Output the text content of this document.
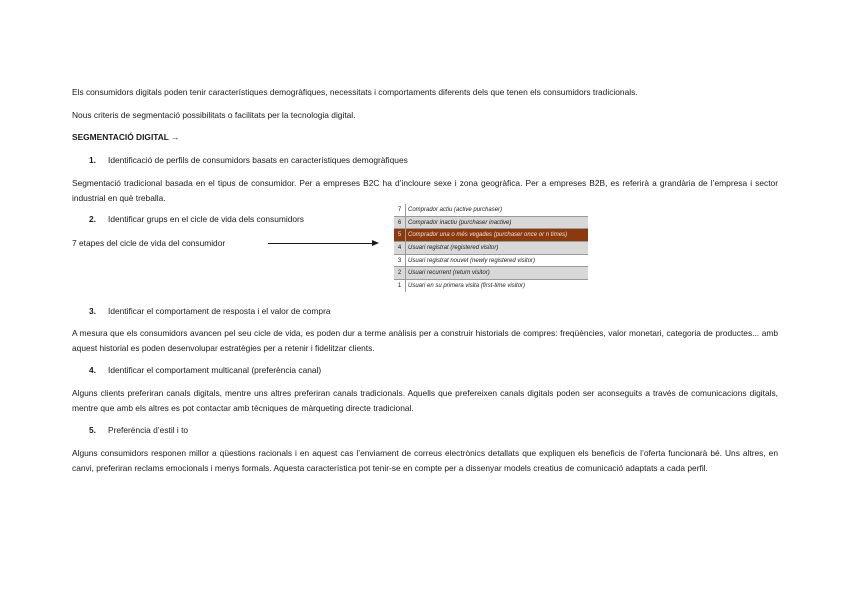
Els consumidors digitals poden tenir característiques demogràfiques, necessitats i comportaments diferents dels que tenen els consumidors tradicionals.

Nous criteris de segmentació possibilitats o facilitats per la tecnologia digital.

SEGMENTACIÓ DIGITAL →

1. Identificació de perfils de consumidors basats en característiques demogràfiques

Segmentació tradicional basada en el tipus de consumidor. Per a empreses B2C ha d’incloure sexe i zona geogràfica. Per a empreses B2B, es referirà a grandària de l’empresa i sector industrial en què treballa.

2. Identificar grups en el cicle de vida dels consumidors

7 etapes del cicle de vida del consumidor

7	Comprador actiu (active purchaser)
6	Comprador inactiu (purchaser inactive)
5	Comprador una o més vegades (purchaser once or n times)
4	Usuari registrat (registered visitor)
3	Usuari registrat nouvet (newly registered visitor)
2	Usuari recurrent (return visitor)
1	Usuari en su primera visita (first-time visitor)

3. Identificar el comportament de resposta i el valor de compra

A mesura que els consumidors avancen pel seu cicle de vida, es poden dur a terme anàlisis per a construir historials de compres: freqüències, valor monetari, categoria de productes... amb aquest historial es poden desenvolupar estratègies per a retenir i fidelitzar clients.

4. Identificar el comportament multicanal (preferència canal)

Alguns clients preferiran canals digitals, mentre uns altres preferiran canals tradicionals. Aquells que prefereixen canals digitals poden ser aconseguits a través de comunicacions digitals, mentre que amb els altres es pot contactar amb tècniques de màrqueting directe tradicional.

5. Preferència d’estil i to

Alguns consumidors responen millor a qüestions racionals i en aquest cas l’enviament de correus electrònics detallats que expliquen els beneficis de l’oferta funcionarà bé. Uns altres, en canvi, preferiran reclams emocionals i menys formals. Aquesta característica pot tenir-se en compte per a dissenyar models creatius de comunicació adaptats a cada perfil.
